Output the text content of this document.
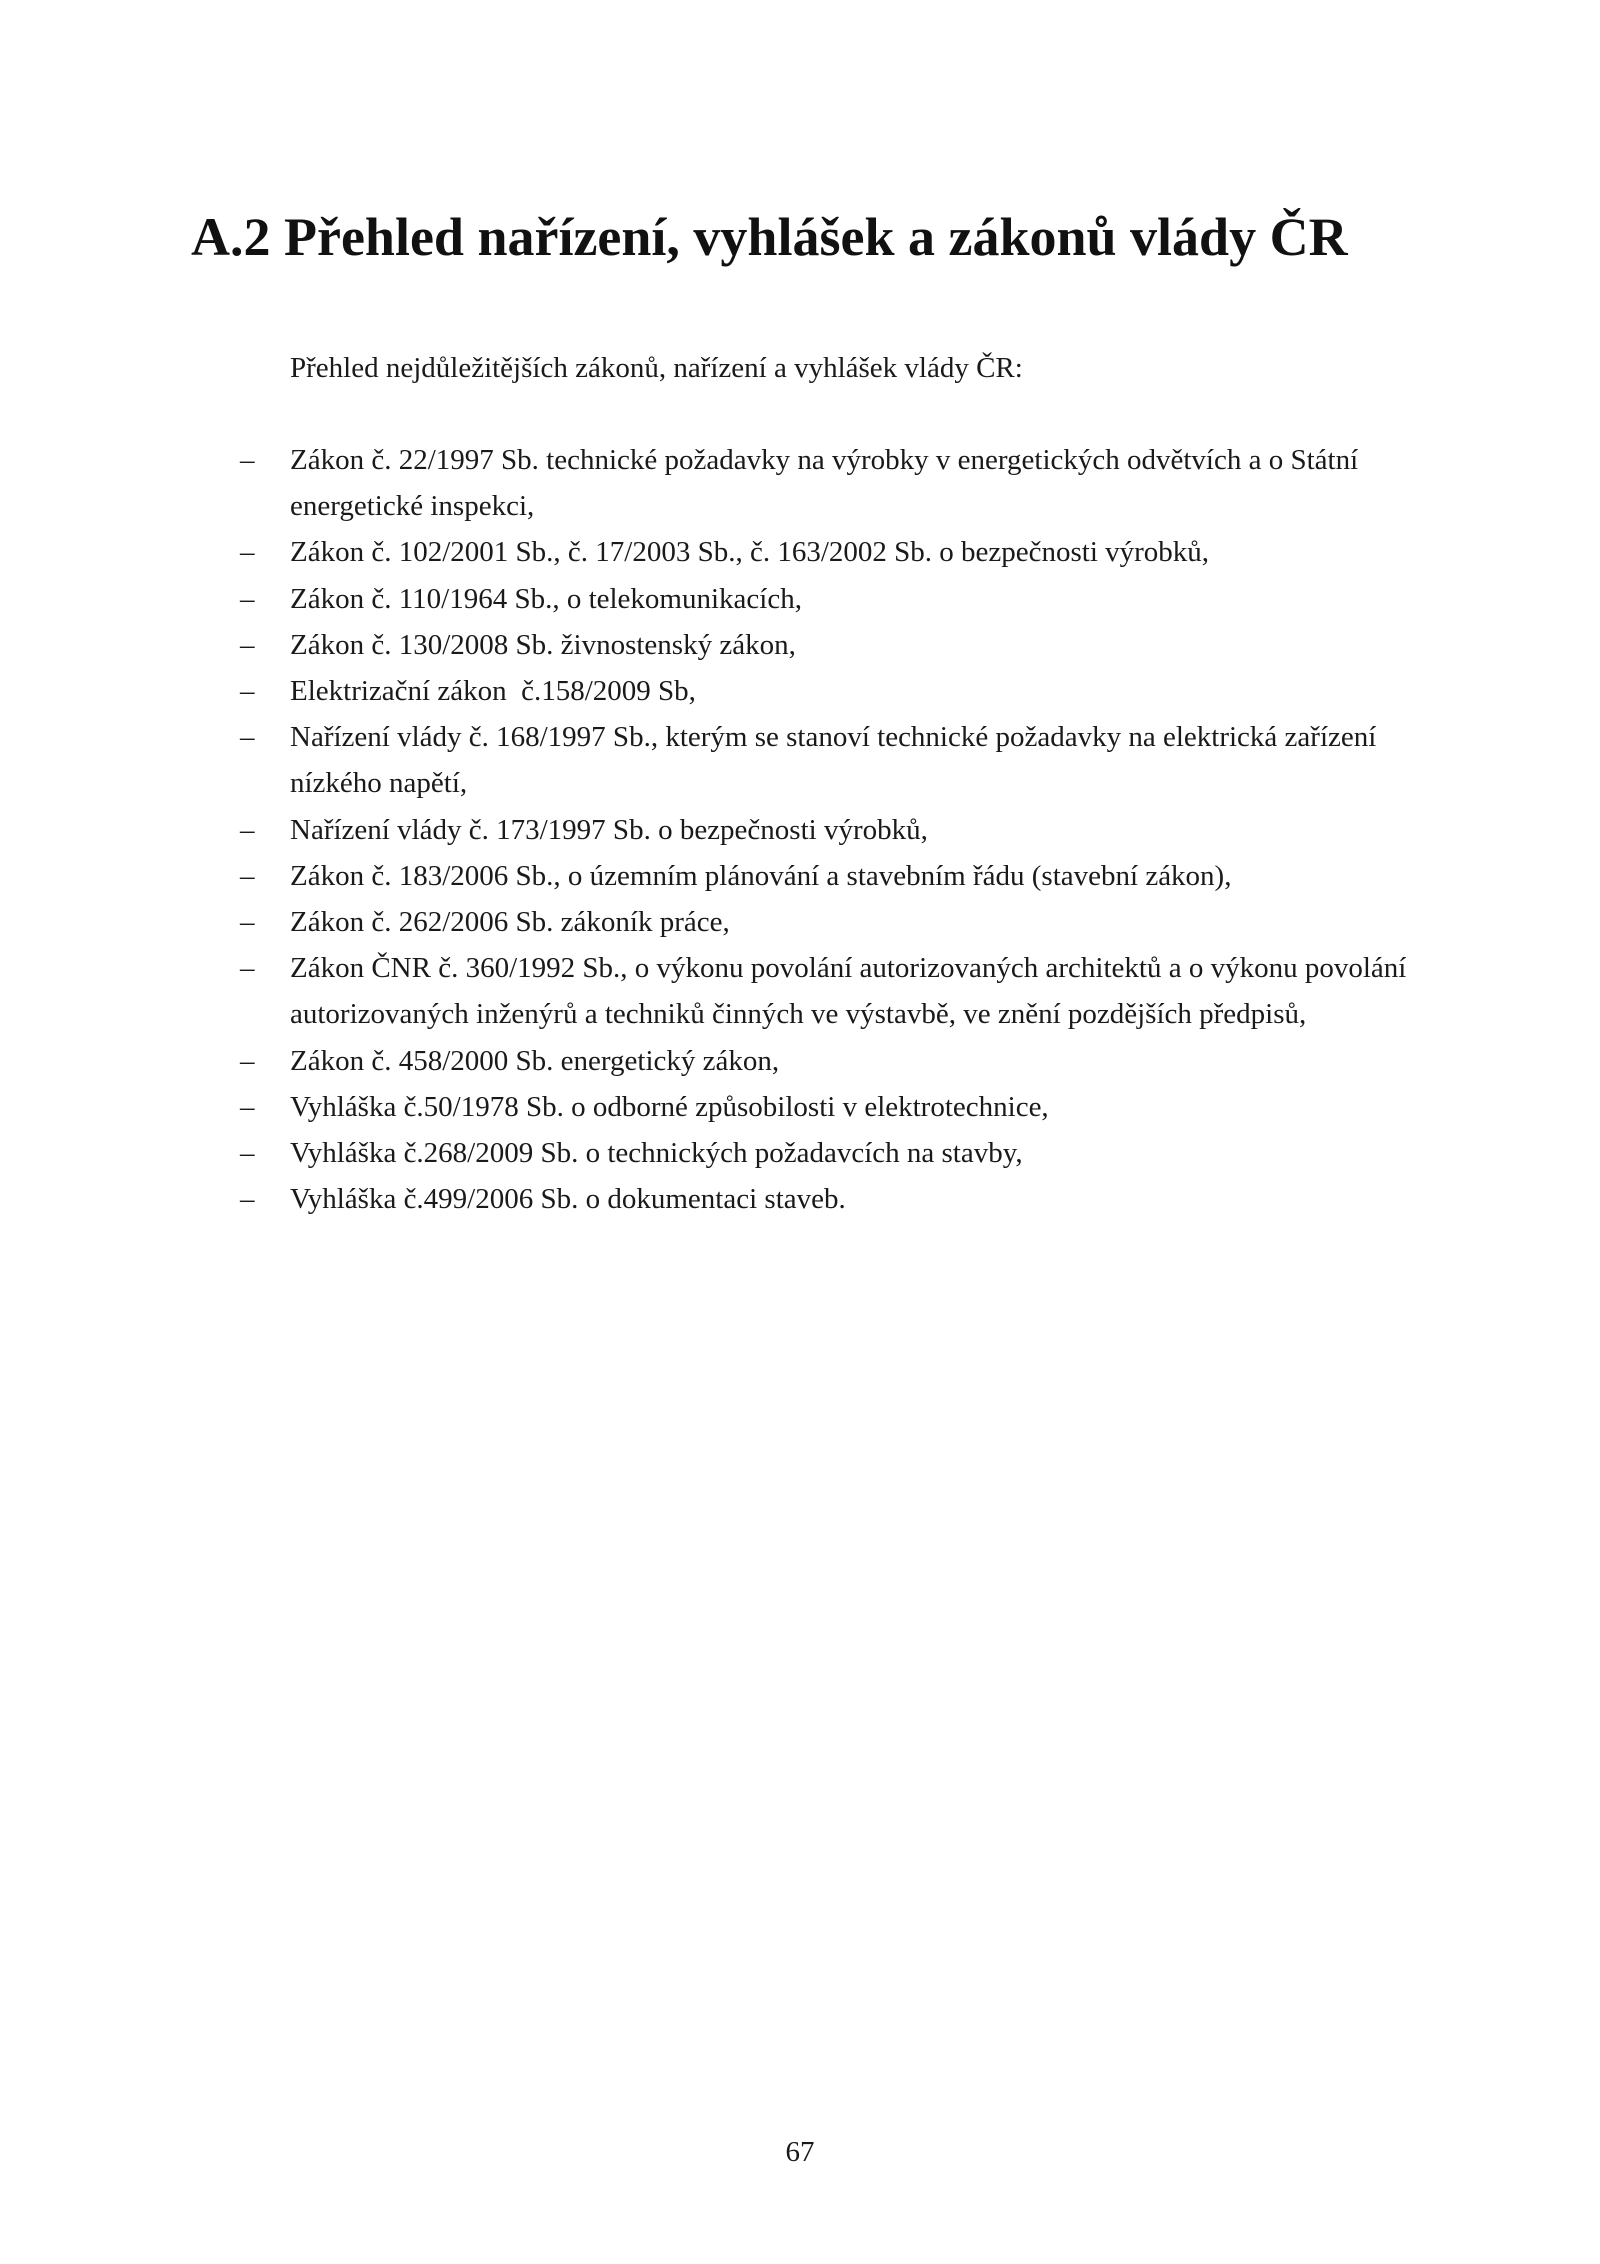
A.2 Přehled nařízení, vyhlášek a zákonů vlády ČR

Přehled nejdůležitějších zákonů, nařízení a vyhlášek vlády ČR:

– Zákon č. 22/1997 Sb. technické požadavky na výrobky v energetických odvětvích a o Státní energetické inspekci,
– Zákon č. 102/2001 Sb., č. 17/2003 Sb., č. 163/2002 Sb. o bezpečnosti výrobků,
– Zákon č. 110/1964 Sb., o telekomunikacích,
– Zákon č. 130/2008 Sb. živnostenský zákon,
– Elektrizační zákon  č.158/2009 Sb,
– Nařízení vlády č. 168/1997 Sb., kterým se stanoví technické požadavky na elektrická zařízení nízkého napětí,
– Nařízení vlády č. 173/1997 Sb. o bezpečnosti výrobků,
– Zákon č. 183/2006 Sb., o územním plánování a stavebním řádu (stavební zákon),
– Zákon č. 262/2006 Sb. zákoník práce,
– Zákon ČNR č. 360/1992 Sb., o výkonu povolání autorizovaných architektů a o výkonu povolání autorizovaných inženýrů a techniků činných ve výstavbě, ve znění pozdějších předpisů,
– Zákon č. 458/2000 Sb. energetický zákon,
– Vyhláška č.50/1978 Sb. o odborné způsobilosti v elektrotechnice,
– Vyhláška č.268/2009 Sb. o technických požadavcích na stavby,
– Vyhláška č.499/2006 Sb. o dokumentaci staveb.

67
